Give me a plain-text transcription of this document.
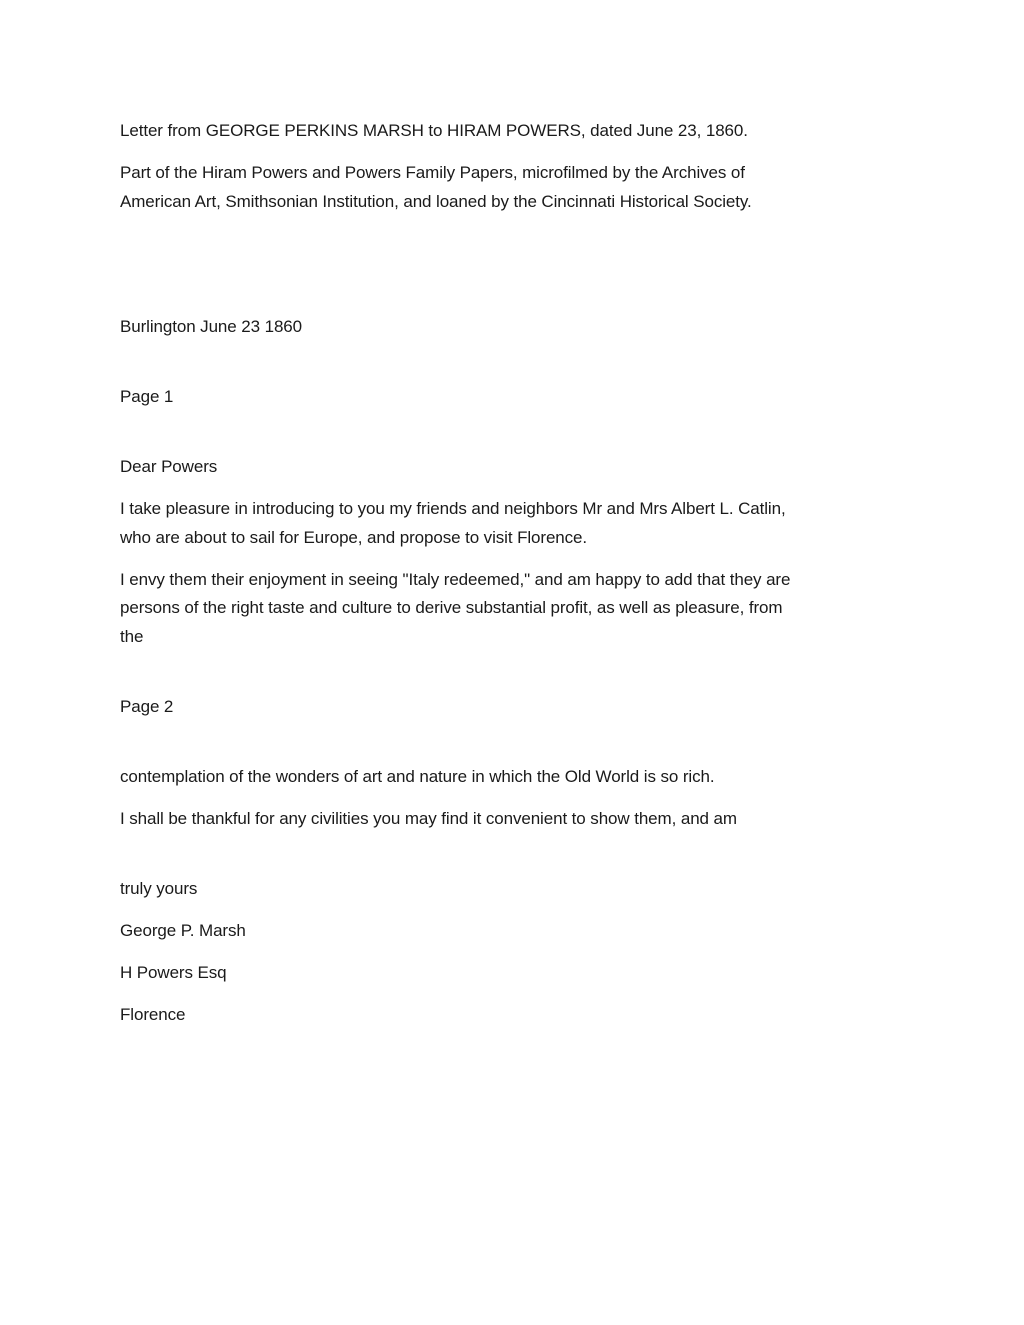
Letter from GEORGE PERKINS MARSH to HIRAM POWERS, dated June 23, 1860.
Part of the Hiram Powers and Powers Family Papers, microfilmed by the Archives of
American Art, Smithsonian Institution, and loaned by the Cincinnati Historical Society.
Burlington June 23 1860
Page 1
Dear Powers
I take pleasure in introducing to you my friends and neighbors Mr and Mrs Albert L. Catlin,
who are about to sail for Europe, and propose to visit Florence.
I envy them their enjoyment in seeing "Italy redeemed," and am happy to add that they are
persons of the right taste and culture to derive substantial profit, as well as pleasure, from
the
Page 2
contemplation of the wonders of art and nature in which the Old World is so rich.
I shall be thankful for any civilities you may find it convenient to show them, and am
truly yours
George P. Marsh
H Powers Esq
Florence
